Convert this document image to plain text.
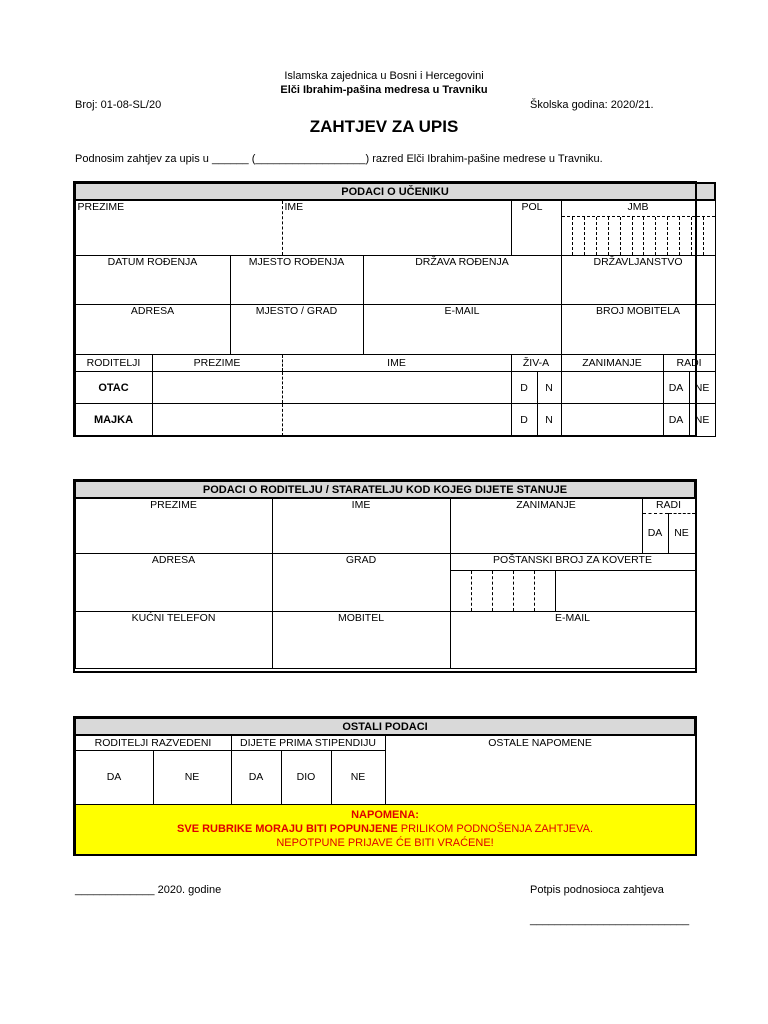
Islamska zajednica u Bosni i Hercegovini
Elči Ibrahim-pašina medresa u Travniku
Broj: 01-08-SL/20	Školska godina: 2020/21.
ZAHTJEV ZA UPIS
Podnosim zahtjev za upis u ______ (__________________) razred Elči Ibrahim-pašine medrese u Travniku.
PODACI O UČENIKU									
PREZIME			IME		POL		JMB		

DATUM ROĐENJA		MJESTO ROĐENJA		DRŽAVA ROĐENJA			DRŽAVLJANSTVO		
ADRESA		MJESTO / GRAD		E-MAIL			BROJ MOBITELA		
RODITELJI	PREZIME		IME		ŽIV-A		ZANIMANJE	RADI	
OTAC					D	N		DA	NE
MAJKA					D	N		DA	NE
PODACI O RODITELJU / STARATELJU KOD KOJEG DIJETE STANUJE									
PREZIME	IME	ZANIMANJE						RADI	
								DA	NE
ADRESA	GRAD	POŠTANSKI BROJ ZA KOVERTE							

KUĆNI TELEFON	MOBITEL	E-MAIL							
OSTALI PODACI					
RODITELJI RAZVEDENI		DIJETE PRIMA STIPENDIJU			OSTALE NAPOMENE
DA	NE	DA	DIO	NE	

NAPOMENA:
SVE RUBRIKE MORAJU BITI POPUNJENE PRILIKOM PODNOŠENJA ZAHTJEVA.
NEPOTPUNE PRIJAVE ĆE BITI VRAĆENE!					
_____________ 2020. godine	Potpis podnosioca zahtjeva
__________________________
